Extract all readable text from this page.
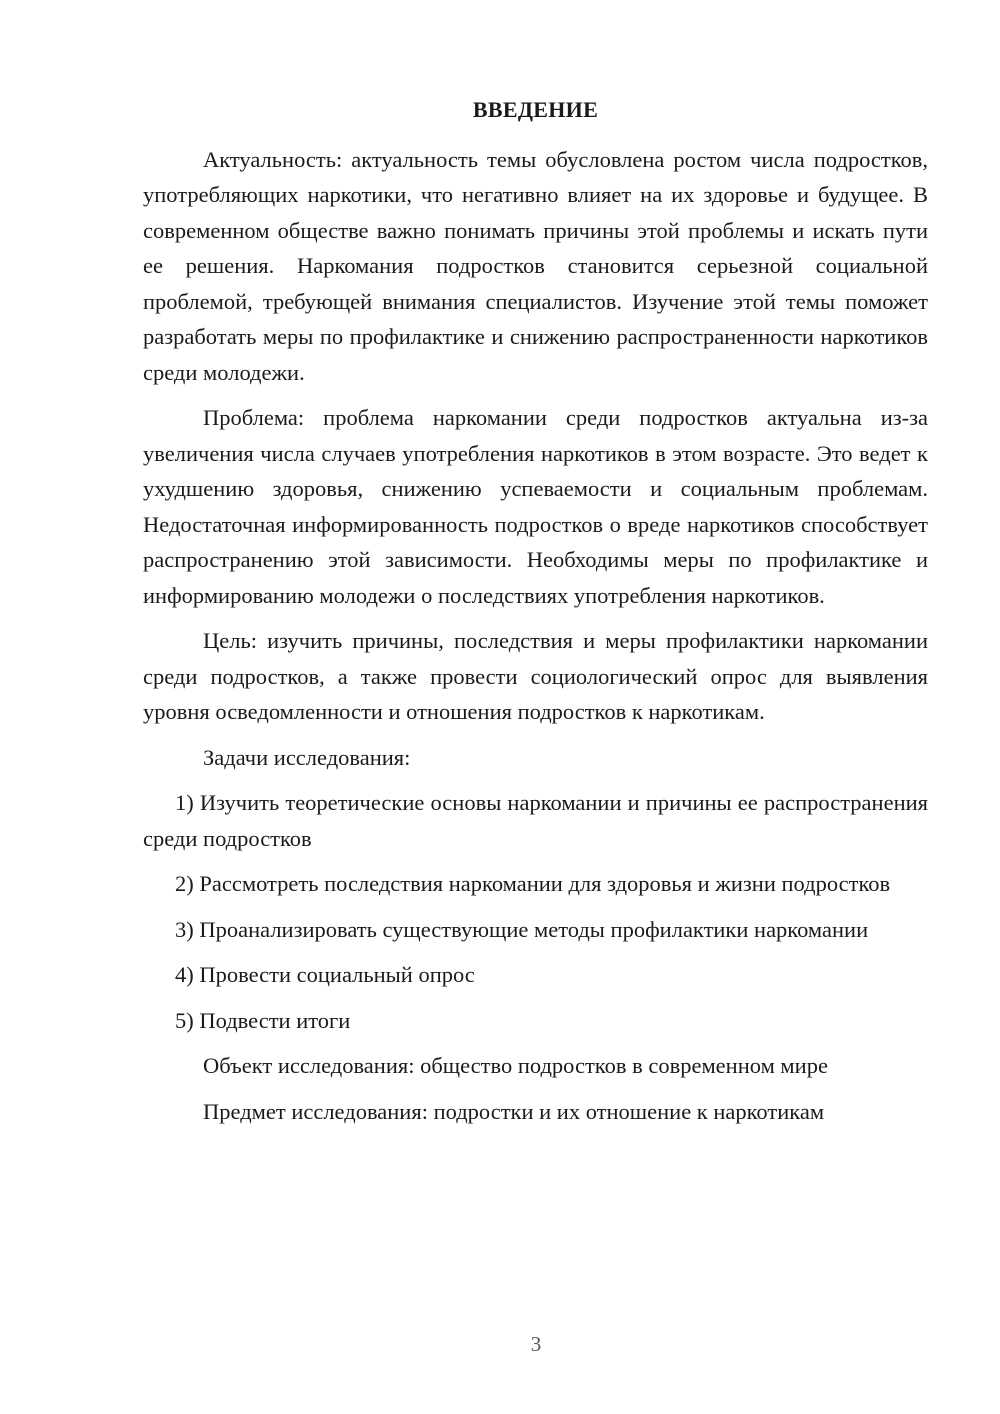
ВВЕДЕНИЕ

Актуальность: актуальность темы обусловлена ростом числа подростков, употребляющих наркотики, что негативно влияет на их здоровье и будущее. В современном обществе важно понимать причины этой проблемы и искать пути ее решения. Наркомания подростков становится серьезной социальной проблемой, требующей внимания специалистов. Изучение этой темы поможет разработать меры по профилактике и снижению распространенности наркотиков среди молодежи.

Проблема: проблема наркомании среди подростков актуальна из-за увеличения числа случаев употребления наркотиков в этом возрасте. Это ведет к ухудшению здоровья, снижению успеваемости и социальным проблемам. Недостаточная информированность подростков о вреде наркотиков способствует распространению этой зависимости. Необходимы меры по профилактике и информированию молодежи о последствиях употребления наркотиков.

Цель: изучить причины, последствия и меры профилактики наркомании среди подростков, а также провести социологический опрос для выявления уровня осведомленности и отношения подростков к наркотикам.

Задачи исследования:

1) Изучить теоретические основы наркомании и причины ее распространения среди подростков

2) Рассмотреть последствия наркомании для здоровья и жизни подростков

3) Проанализировать существующие методы профилактики наркомании

4) Провести социальный опрос

5) Подвести итоги

Объект исследования: общество подростков в современном мире

Предмет исследования: подростки и их отношение к наркотикам

3
